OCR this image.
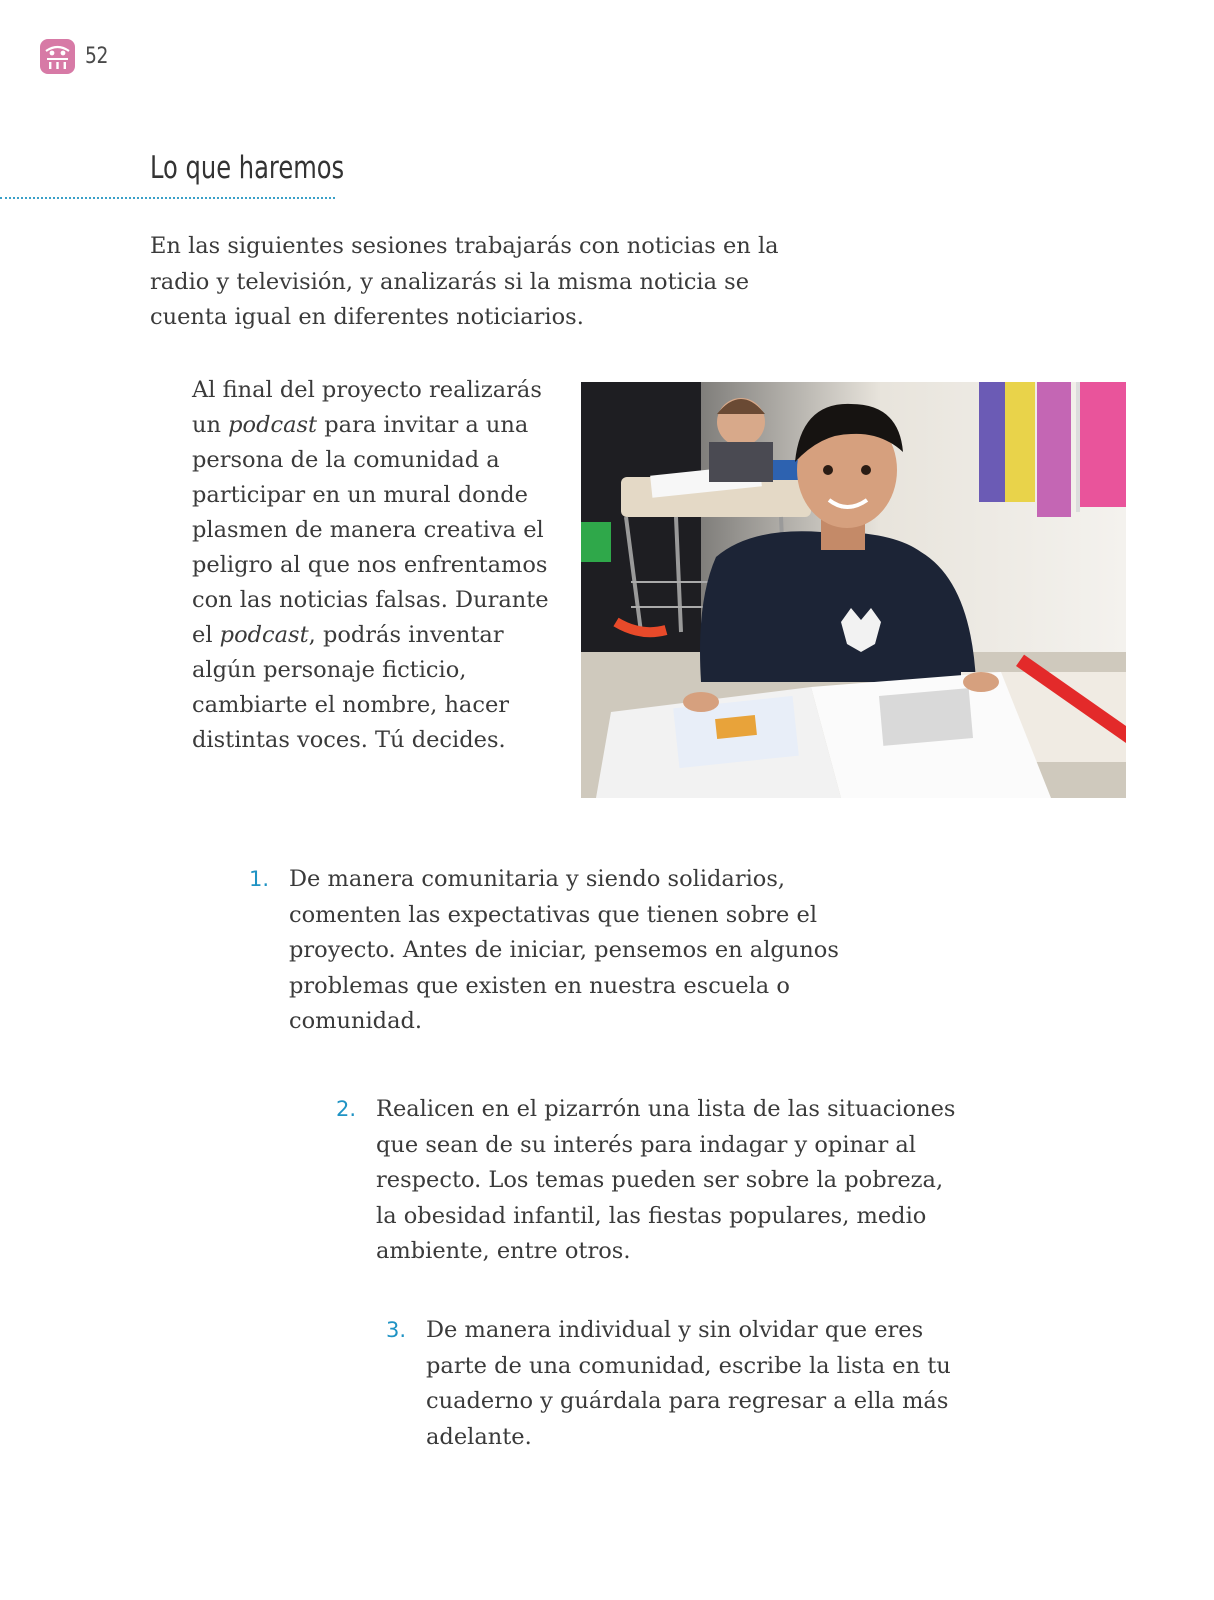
52
Lo que haremos

En las siguientes sesiones trabajarás con noticias en la radio y televisión, y analizarás si la misma noticia se cuenta igual en diferentes noticiarios.

Al final del proyecto realizarás un podcast para invitar a una persona de la comunidad a participar en un mural donde plasmen de manera creativa el peligro al que nos enfrentamos con las noticias falsas. Durante el podcast, podrás inventar algún personaje ficticio, cambiarte el nombre, hacer distintas voces. Tú decides.

1. De manera comunitaria y siendo solidarios, comenten las expectativas que tienen sobre el proyecto. Antes de iniciar, pensemos en algunos problemas que existen en nuestra escuela o comunidad.

2. Realicen en el pizarrón una lista de las situaciones que sean de su interés para indagar y opinar al respecto. Los temas pueden ser sobre la pobreza, la obesidad infantil, las fiestas populares, medio ambiente, entre otros.

3. De manera individual y sin olvidar que eres parte de una comunidad, escribe la lista en tu cuaderno y guárdala para regresar a ella más adelante.
